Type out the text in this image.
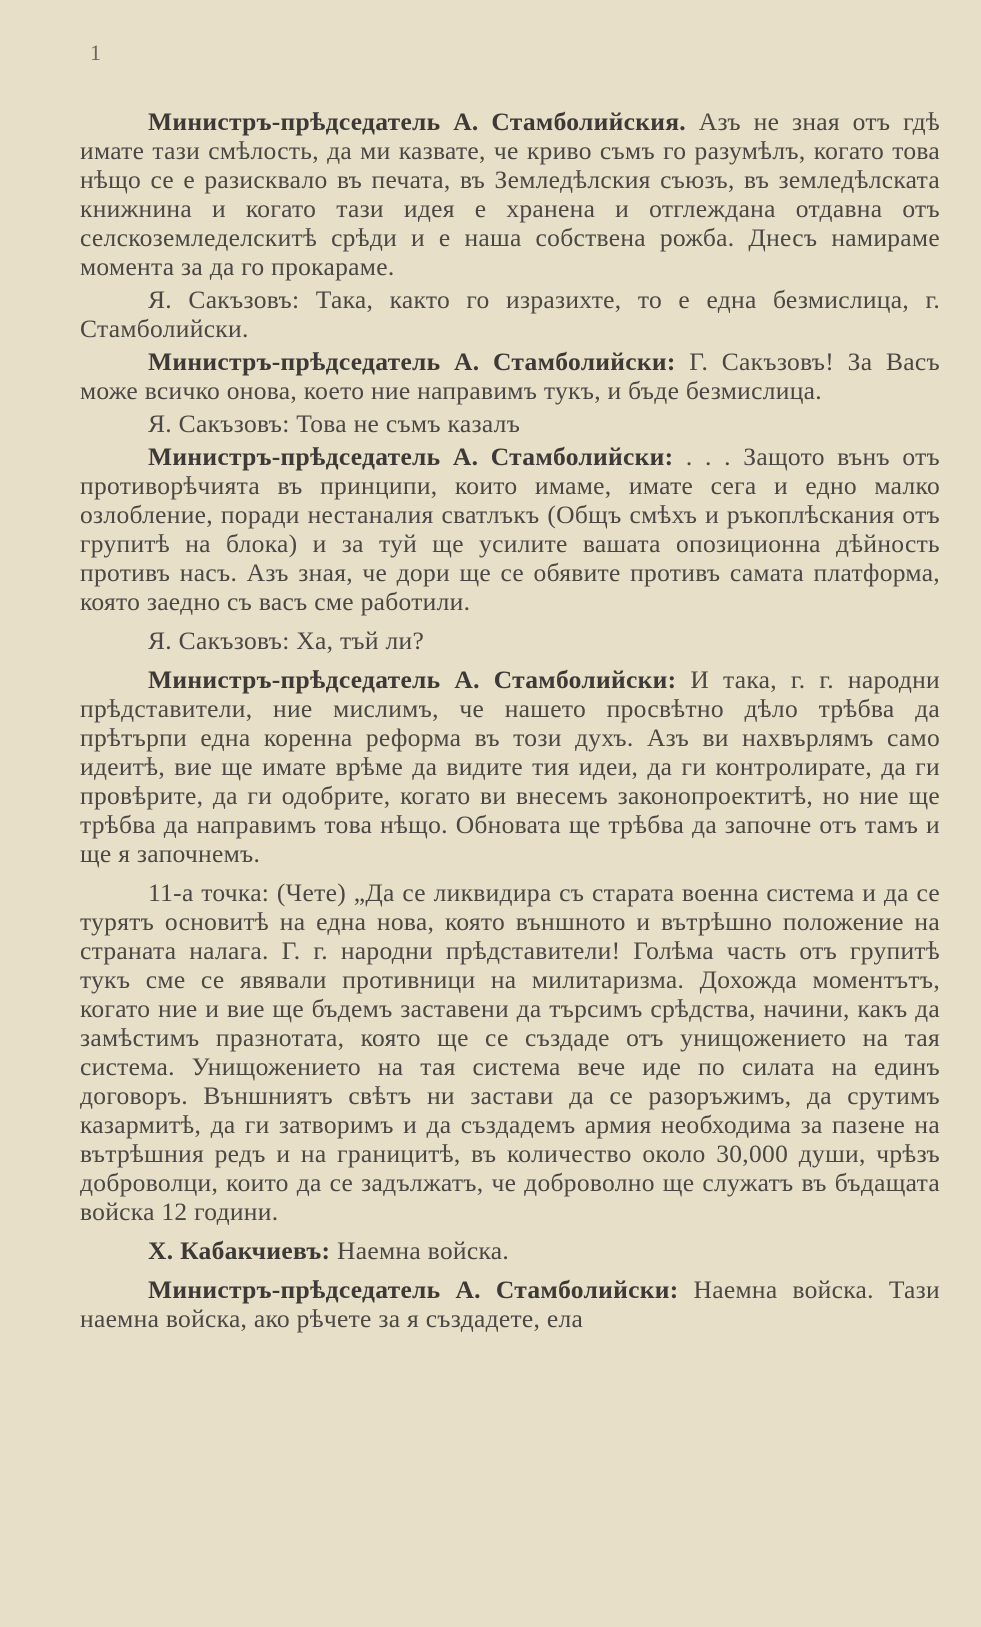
1

Министръ-прѣдседатель А. Стамболийския. Азъ не зная отъ гдѣ имате тази смѣлость, да ми казвате, че криво съмъ го разумѣлъ, когато това нѣщо се е разисквало въ печата, въ Земледѣлския съюзъ, въ земледѣлската книжнина и когато тази идея е хранена и отглеждана отдавна отъ селскоземледелскитѣ срѣди и е наша собствена рожба. Днесъ намираме момента за да го прокараме.

Я. Сакъзовъ: Така, както го изразихте, то е една безмислица, г. Стамболийски.

Министръ-прѣдседатель А. Стамболийски: Г. Сакъзовъ! За Васъ може всичко онова, което ние направимъ тукъ, и бъде безмислица.

Я. Сакъзовъ: Това не съмъ казалъ

Министръ-прѣдседатель А. Стамболийски: . . . Защото вънъ отъ противорѣчията въ принципи, които имаме, имате сега и едно малко озлобление, поради нестаналия сватлъкъ (Общъ смѣхъ и ръкоплѣскания отъ групитѣ на блока) и за туй ще усилите вашата опозиционна дѣйность противъ насъ. Азъ зная, че дори ще се обявите противъ самата платформа, която заедно съ васъ сме работили.

Я. Сакъзовъ: Ха, тъй ли?

Министръ-прѣдседатель А. Стамболийски: И така, г. г. народни прѣдставители, ние мислимъ, че нашето просвѣтно дѣло трѣбва да прѣтърпи една коренна реформа въ този духъ. Азъ ви нахвърлямъ само идеитѣ, вие ще имате врѣме да видите тия идеи, да ги контролирате, да ги провѣрите, да ги одобрите, когато ви внесемъ законопроектитѣ, но ние ще трѣбва да направимъ това нѣщо. Обновата ще трѣбва да започне отъ тамъ и ще я започнемъ.

11-а точка: (Чете) „Да се ликвидира съ старата военна система и да се турятъ основитѣ на една нова, която външното и вътрѣшно положение на страната налага. Г. г. народни прѣдставители! Голѣма часть отъ групитѣ тукъ сме се явявали противници на милитаризма. Дохожда моментътъ, когато ние и вие ще бъдемъ заставени да търсимъ срѣдства, начини, какъ да замѣстимъ празнотата, която ще се създаде отъ унищожението на тая система. Унищожението на тая система вече иде по силата на единъ договоръ. Външниятъ свѣтъ ни застави да се разоръжимъ, да срутимъ казармитѣ, да ги затворимъ и да създадемъ армия необходима за пазене на вътрѣшния редъ и на границитѣ, въ количество около 30,000 души, чрѣзъ доброволци, които да се задължатъ, че доброволно ще служатъ въ бъдащата войска 12 години.

Х. Кабакчиевъ: Наемна войска.

Министръ-прѣдседатель А. Стамболийски: Наемна войска. Тази наемна войска, ако рѣчете за я създадете, ела
